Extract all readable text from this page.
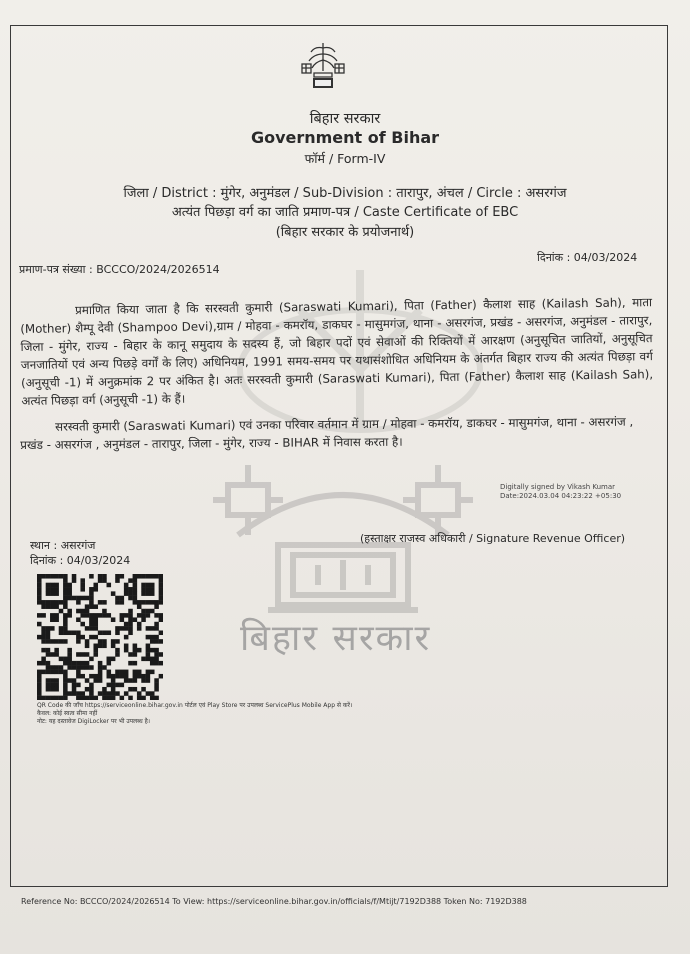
बिहार सरकार
बिहार सरकार
Government of Bihar
फॉर्म / Form-IV
जिला / District : मुंगेर, अनुमंडल / Sub-Division : तारापुर, अंचल / Circle : असरगंज
अत्यंत पिछड़ा वर्ग का जाति प्रमाण-पत्र / Caste Certificate of EBC
(बिहार सरकार के प्रयोजनार्थ)
दिनांक : 04/03/2024
प्रमाण-पत्र संख्या : BCCCO/2024/2026514
प्रमाणित किया जाता है कि सरस्वती कुमारी (Saraswati Kumari), पिता (Father) कैलाश साह (Kailash Sah), माता (Mother) शैम्पू देवी (Shampoo Devi),ग्राम / मोहवा - कमरॉय, डाकघर - मासुमगंज, थाना - असरगंज, प्रखंड - असरगंज, अनुमंडल - तारापुर, जिला - मुंगेर, राज्य - बिहार के कानू समुदाय के सदस्य हैं, जो बिहार पदों एवं सेवाओं की रिक्तियों में आरक्षण (अनुसूचित जातियों, अनुसूचित जनजातियों एवं अन्य पिछड़े वर्गों के लिए) अधिनियम, 1991 समय-समय पर यथासंशोधित अधिनियम के अंतर्गत बिहार राज्य की अत्यंत पिछड़ा वर्ग (अनुसूची -1) में अनुक्रमांक 2 पर अंकित है। अतः सरस्वती कुमारी (Saraswati Kumari), पिता (Father) कैलाश साह (Kailash Sah), अत्यंत पिछड़ा वर्ग (अनुसूची -1) के हैं।
सरस्वती कुमारी (Saraswati Kumari) एवं उनका परिवार वर्तमान में ग्राम / मोहवा - कमरॉय, डाकघर - मासुमगंज, थाना - असरगंज , प्रखंड - असरगंज , अनुमंडल - तारापुर, जिला - मुंगेर, राज्य - BIHAR में निवास करता है।
Digitally signed by Vikash Kumar
Date:2024.03.04 04:23:22 +05:30
स्थान : असरगंज
दिनांक : 04/03/2024
(हस्ताक्षर राजस्व अधिकारी / Signature Revenue Officer)
QR Code की जाँच https://serviceonline.bihar.gov.in पोर्टल एवं Play Store पर उपलब्ध ServicePlus Mobile App से करें।
कैवल: कोई स्वत्व सीमा नहीं
नोट: यह दस्तावेज DigiLocker पर भी उपलब्ध है।
Reference No: BCCCO/2024/2026514 To View: https://serviceonline.bihar.gov.in/officials/f/Mtijt/7192D388 Token No: 7192D388
